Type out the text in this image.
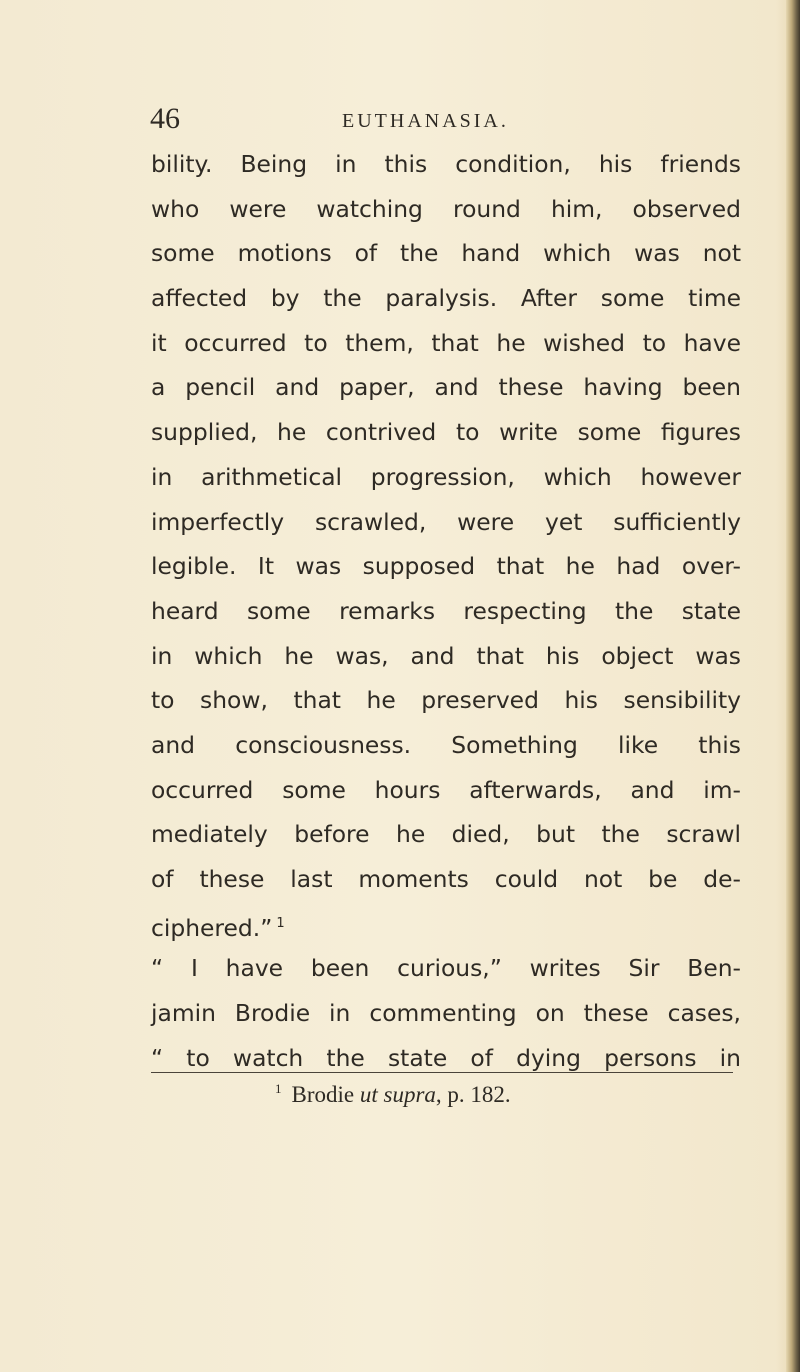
46	EUTHANASIA.
bility. Being in this condition, his friends
who were watching round him, observed
some motions of the hand which was not
affected by the paralysis. After some time
it occurred to them, that he wished to have
a pencil and paper, and these having been
supplied, he contrived to write some figures
in arithmetical progression, which however
imperfectly scrawled, were yet sufficiently
legible. It was supposed that he had over-
heard some remarks respecting the state
in which he was, and that his object was
to show, that he preserved his sensibility
and consciousness. Something like this
occurred some hours afterwards, and im-
mediately before he died, but the scrawl
of these last moments could not be de-
ciphered.” $^1$
“ I have been curious,” writes Sir Ben-
jamin Brodie in commenting on these cases,
“ to watch the state of dying persons in
$^1$ Brodie ut supra, p. 182.
